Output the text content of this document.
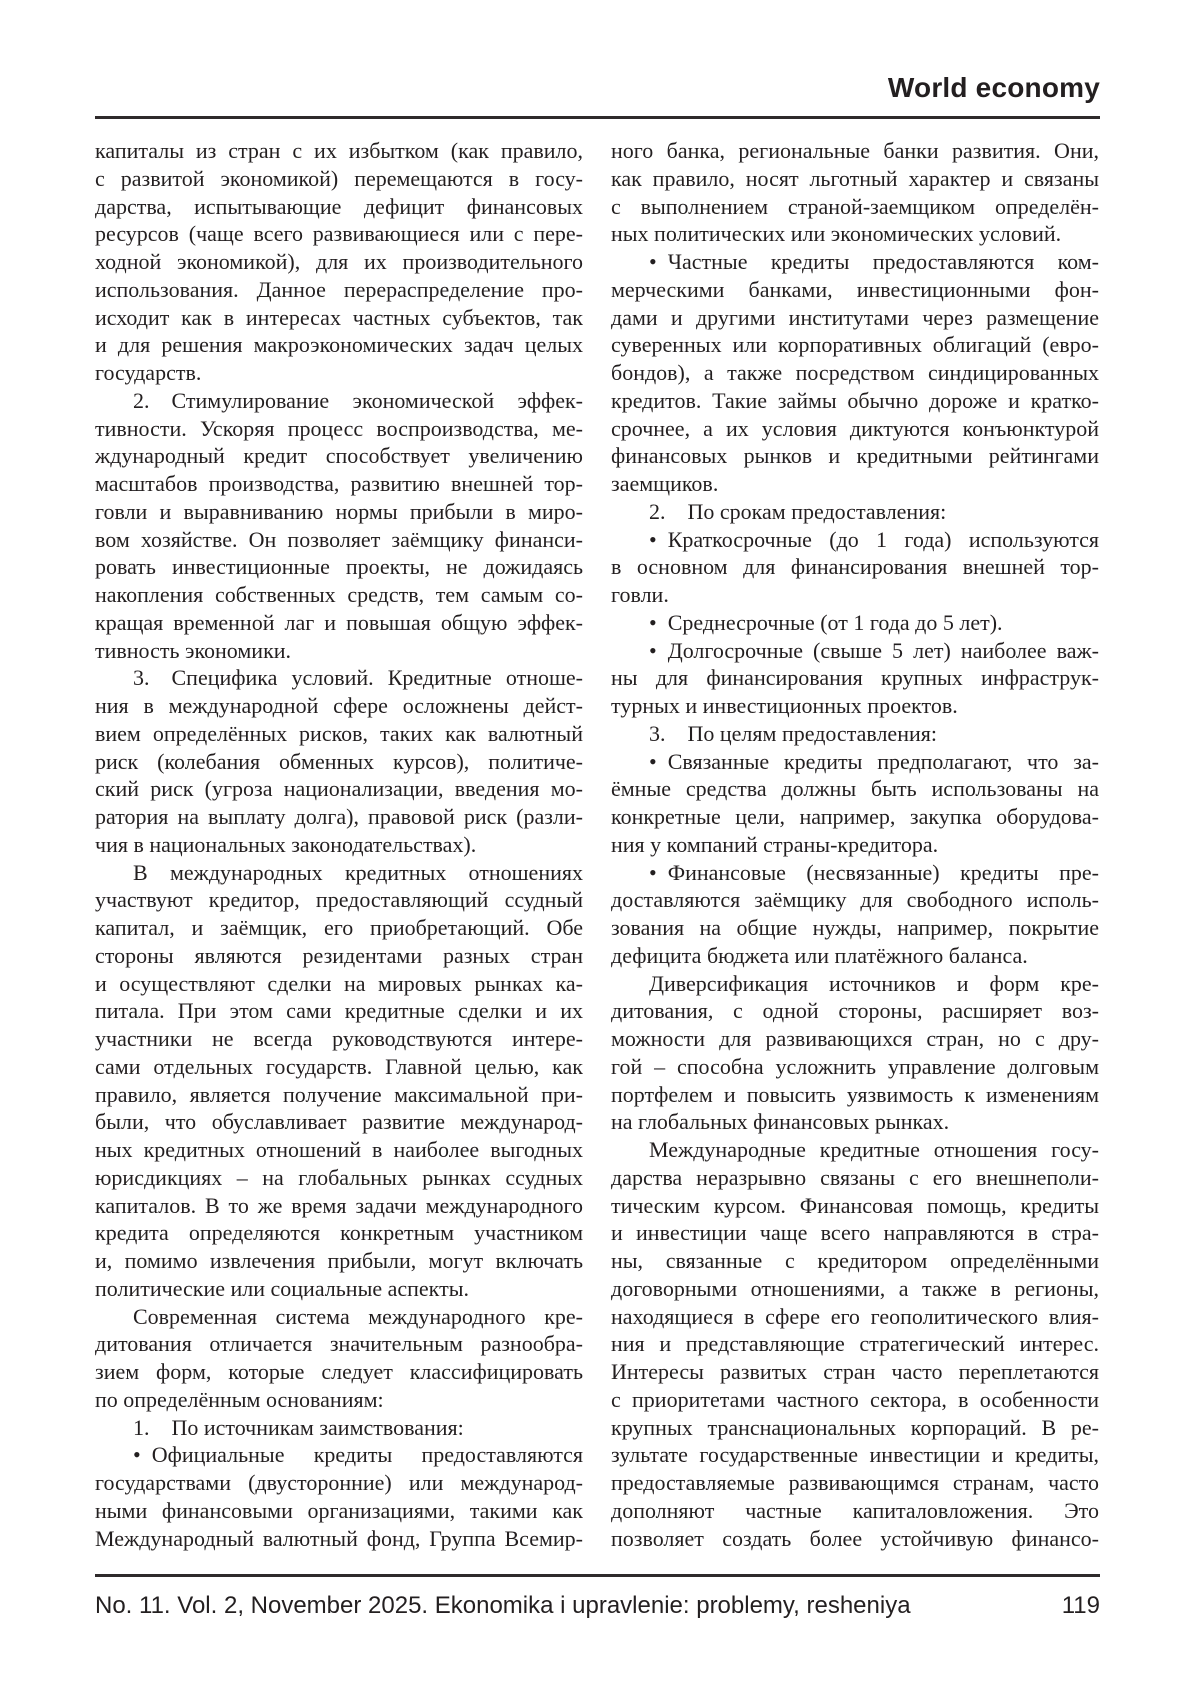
World economy
капиталы из стран с их избытком (как правило,
с развитой экономикой) перемещаются в госу-
дарства, испытывающие дефицит финансовых
ресурсов (чаще всего развивающиеся или с пере-
ходной экономикой), для их производительного
использования. Данное перераспределение про-
исходит как в интересах частных субъектов, так
и для решения макроэкономических задач целых
государств.
2. Стимулирование экономической эффек-
тивности. Ускоряя процесс воспроизводства, ме-
ждународный кредит способствует увеличению
масштабов производства, развитию внешней тор-
говли и выравниванию нормы прибыли в миро-
вом хозяйстве. Он позволяет заёмщику финанси-
ровать инвестиционные проекты, не дожидаясь
накопления собственных средств, тем самым со-
кращая временной лаг и повышая общую эффек-
тивность экономики.
3. Специфика условий. Кредитные отноше-
ния в международной сфере осложнены дейст-
вием определённых рисков, таких как валютный
риск (колебания обменных курсов), политиче-
ский риск (угроза национализации, введения мо-
ратория на выплату долга), правовой риск (разли-
чия в национальных законодательствах).
В международных кредитных отношениях
участвуют кредитор, предоставляющий ссудный
капитал, и заёмщик, его приобретающий. Обе
стороны являются резидентами разных стран
и осуществляют сделки на мировых рынках ка-
питала. При этом сами кредитные сделки и их
участники не всегда руководствуются интере-
сами отдельных государств. Главной целью, как
правило, является получение максимальной при-
были, что обуславливает развитие международ-
ных кредитных отношений в наиболее выгодных
юрисдикциях – на глобальных рынках ссудных
капиталов. В то же время задачи международного
кредита определяются конкретным участником
и, помимо извлечения прибыли, могут включать
политические или социальные аспекты.
Современная система международного кре-
дитования отличается значительным разнообра-
зием форм, которые следует классифицировать
по определённым основаниям:
1. По источникам заимствования:
• Официальные кредиты предоставляются
государствами (двусторонние) или международ-
ными финансовыми организациями, такими как
Международный валютный фонд, Группа Всемир-
ного банка, региональные банки развития. Они,
как правило, носят льготный характер и связаны
с выполнением страной-заемщиком определён-
ных политических или экономических условий.
• Частные кредиты предоставляются ком-
мерческими банками, инвестиционными фон-
дами и другими институтами через размещение
суверенных или корпоративных облигаций (евро-
бондов), а также посредством синдицированных
кредитов. Такие займы обычно дороже и кратко-
срочнее, а их условия диктуются конъюнктурой
финансовых рынков и кредитными рейтингами
заемщиков.
2. По срокам предоставления:
• Краткосрочные (до 1 года) используются
в основном для финансирования внешней тор-
говли.
• Среднесрочные (от 1 года до 5 лет).
• Долгосрочные (свыше 5 лет) наиболее важ-
ны для финансирования крупных инфраструк-
турных и инвестиционных проектов.
3. По целям предоставления:
• Связанные кредиты предполагают, что за-
ёмные средства должны быть использованы на
конкретные цели, например, закупка оборудова-
ния у компаний страны-кредитора.
• Финансовые (несвязанные) кредиты пре-
доставляются заёмщику для свободного исполь-
зования на общие нужды, например, покрытие
дефицита бюджета или платёжного баланса.
Диверсификация источников и форм кре-
дитования, с одной стороны, расширяет воз-
можности для развивающихся стран, но с дру-
гой – способна усложнить управление долговым
портфелем и повысить уязвимость к изменениям
на глобальных финансовых рынках.
Международные кредитные отношения госу-
дарства неразрывно связаны с его внешнеполи-
тическим курсом. Финансовая помощь, кредиты
и инвестиции чаще всего направляются в стра-
ны, связанные с кредитором определёнными
договорными отношениями, а также в регионы,
находящиеся в сфере его геополитического влия-
ния и представляющие стратегический интерес.
Интересы развитых стран часто переплетаются
с приоритетами частного сектора, в особенности
крупных транснациональных корпораций. В ре-
зультате государственные инвестиции и кредиты,
предоставляемые развивающимся странам, часто
дополняют частные капиталовложения. Это
позволяет создать более устойчивую финансо-
No. 11. Vol. 2, November 2025. Ekonomika i upravlenie: problemy, resheniya	119
